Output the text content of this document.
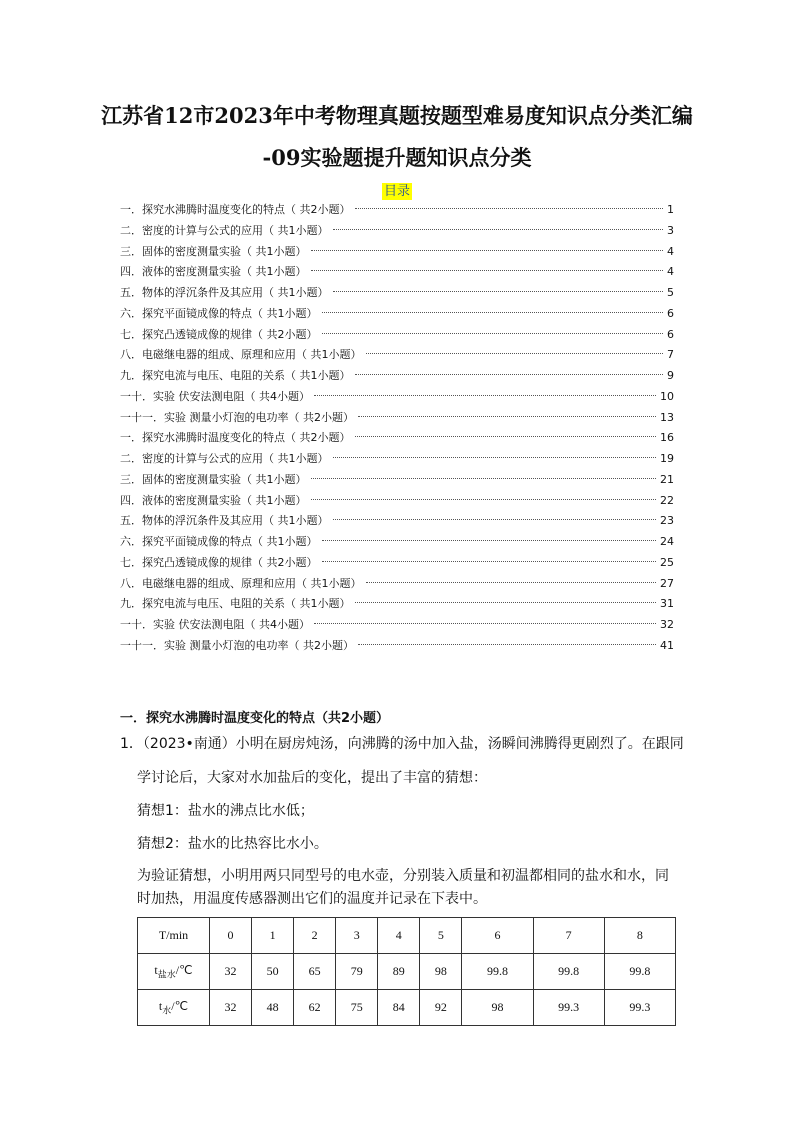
江苏省12市2023年中考物理真题按题型难易度知识点分类汇编
-09实验题提升题知识点分类
目录
一．探究水沸腾时温度变化的特点（ 共2小题）	1
二．密度的计算与公式的应用（ 共1小题）	3
三．固体的密度测量实验（ 共1小题）	4
四．液体的密度测量实验（ 共1小题）	4
五．物体的浮沉条件及其应用（ 共1小题）	5
六．探究平面镜成像的特点（ 共1小题）	6
七．探究凸透镜成像的规律（ 共2小题）	6
八．电磁继电器的组成、原理和应用（ 共1小题）	7
九．探究电流与电压、电阻的关系（ 共1小题）	9
一十．实验 伏安法测电阻（ 共4小题）	10
一十一．实验 测量小灯泡的电功率（ 共2小题）	13
一．探究水沸腾时温度变化的特点（ 共2小题）	16
二．密度的计算与公式的应用（ 共1小题）	19
三．固体的密度测量实验（ 共1小题）	21
四．液体的密度测量实验（ 共1小题）	22
五．物体的浮沉条件及其应用（ 共1小题）	23
六．探究平面镜成像的特点（ 共1小题）	24
七．探究凸透镜成像的规律（ 共2小题）	25
八．电磁继电器的组成、原理和应用（ 共1小题）	27
九．探究电流与电压、电阻的关系（ 共1小题）	31
一十．实验 伏安法测电阻（ 共4小题）	32
一十一．实验 测量小灯泡的电功率（ 共2小题）	41
一．探究水沸腾时温度变化的特点（共2小题）
1．（2023•南通）小明在厨房炖汤，向沸腾的汤中加入盐，汤瞬间沸腾得更剧烈了。在跟同
学讨论后，大家对水加盐后的变化，提出了丰富的猜想：
猜想1：盐水的沸点比水低；
猜想2：盐水的比热容比水小。
为验证猜想，小明用两只同型号的电水壶，分别装入质量和初温都相同的盐水和水，同
时加热，用温度传感器测出它们的温度并记录在下表中。
T/min	0	1	2	3	4	5	6	7	8
$t_{盐水}/℃$	32	50	65	79	89	98	99.8	99.8	99.8
$t_水/℃$	32	48	62	75	84	92	98	99.3	99.3
